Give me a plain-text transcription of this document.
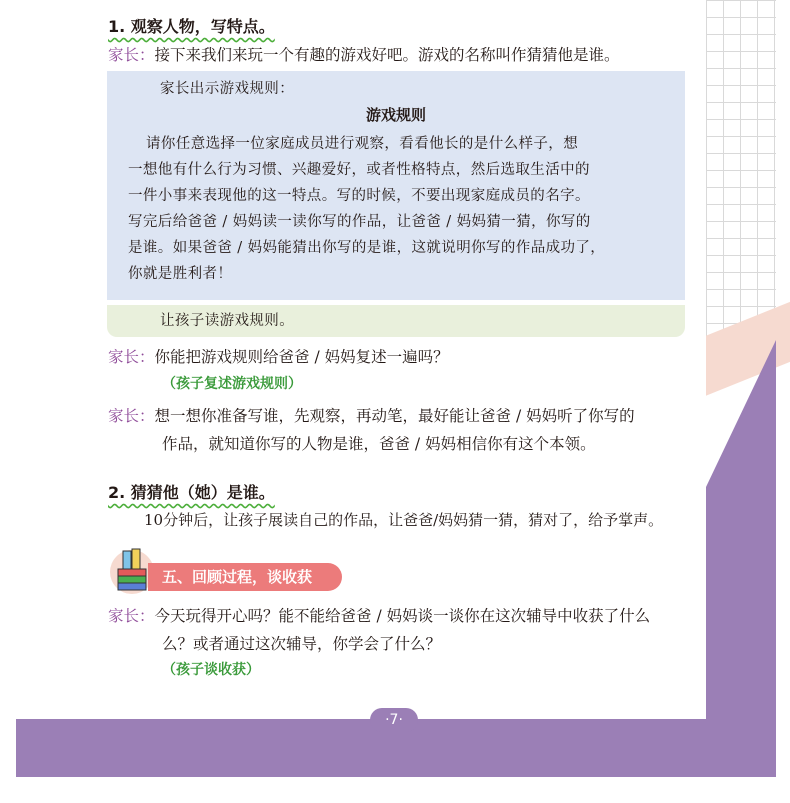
·7·
1. 观察人物，写特点。
家长：接下来我们来玩一个有趣的游戏好吧。游戏的名称叫作猜猜他是谁。
家长出示游戏规则：
游戏规则
请你任意选择一位家庭成员进行观察，看看他长的是什么样子，想
一想他有什么行为习惯、兴趣爱好，或者性格特点，然后选取生活中的
一件小事来表现他的这一特点。写的时候，不要出现家庭成员的名字。
写完后给爸爸 / 妈妈读一读你写的作品，让爸爸 / 妈妈猜一猜，你写的
是谁。如果爸爸 / 妈妈能猜出你写的是谁，这就说明你写的作品成功了，
你就是胜利者！
让孩子读游戏规则。
家长：你能把游戏规则给爸爸 / 妈妈复述一遍吗？
（孩子复述游戏规则）
家长：想一想你准备写谁，先观察，再动笔，最好能让爸爸 / 妈妈听了你写的
作品，就知道你写的人物是谁，爸爸 / 妈妈相信你有这个本领。
2. 猜猜他（她）是谁。
10分钟后，让孩子展读自己的作品，让爸爸/妈妈猜一猜，猜对了，给予掌声。
五、回顾过程，谈收获
家长：今天玩得开心吗？能不能给爸爸 / 妈妈谈一谈你在这次辅导中收获了什么
么？或者通过这次辅导，你学会了什么？
（孩子谈收获）
